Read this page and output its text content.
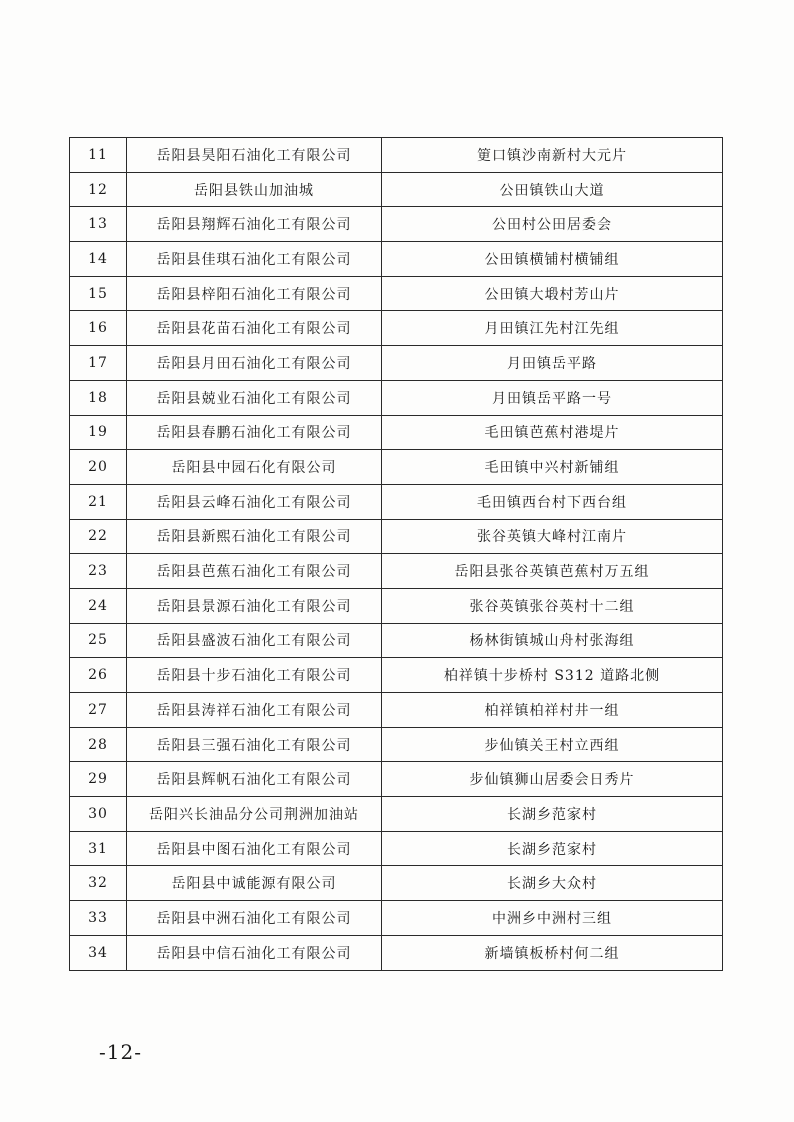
11	岳阳县昊阳石油化工有限公司	筻口镇沙南新村大元片
12	岳阳县铁山加油城	公田镇铁山大道
13	岳阳县翔辉石油化工有限公司	公田村公田居委会
14	岳阳县佳琪石油化工有限公司	公田镇横铺村横铺组
15	岳阳县梓阳石油化工有限公司	公田镇大塅村芳山片
16	岳阳县花苗石油化工有限公司	月田镇江先村江先组
17	岳阳县月田石油化工有限公司	月田镇岳平路
18	岳阳县兢业石油化工有限公司	月田镇岳平路一号
19	岳阳县春鹏石油化工有限公司	毛田镇芭蕉村港堤片
20	岳阳县中园石化有限公司	毛田镇中兴村新铺组
21	岳阳县云峰石油化工有限公司	毛田镇西台村下西台组
22	岳阳县新熙石油化工有限公司	张谷英镇大峰村江南片
23	岳阳县芭蕉石油化工有限公司	岳阳县张谷英镇芭蕉村万五组
24	岳阳县景源石油化工有限公司	张谷英镇张谷英村十二组
25	岳阳县盛波石油化工有限公司	杨林街镇城山舟村张海组
26	岳阳县十步石油化工有限公司	柏祥镇十步桥村 S312 道路北侧
27	岳阳县涛祥石油化工有限公司	柏祥镇柏祥村井一组
28	岳阳县三强石油化工有限公司	步仙镇关王村立西组
29	岳阳县辉帆石油化工有限公司	步仙镇狮山居委会日秀片
30	岳阳兴长油品分公司荆洲加油站	长湖乡范家村
31	岳阳县中图石油化工有限公司	长湖乡范家村
32	岳阳县中诚能源有限公司	长湖乡大众村
33	岳阳县中洲石油化工有限公司	中洲乡中洲村三组
34	岳阳县中信石油化工有限公司	新墙镇板桥村何二组
-12-
